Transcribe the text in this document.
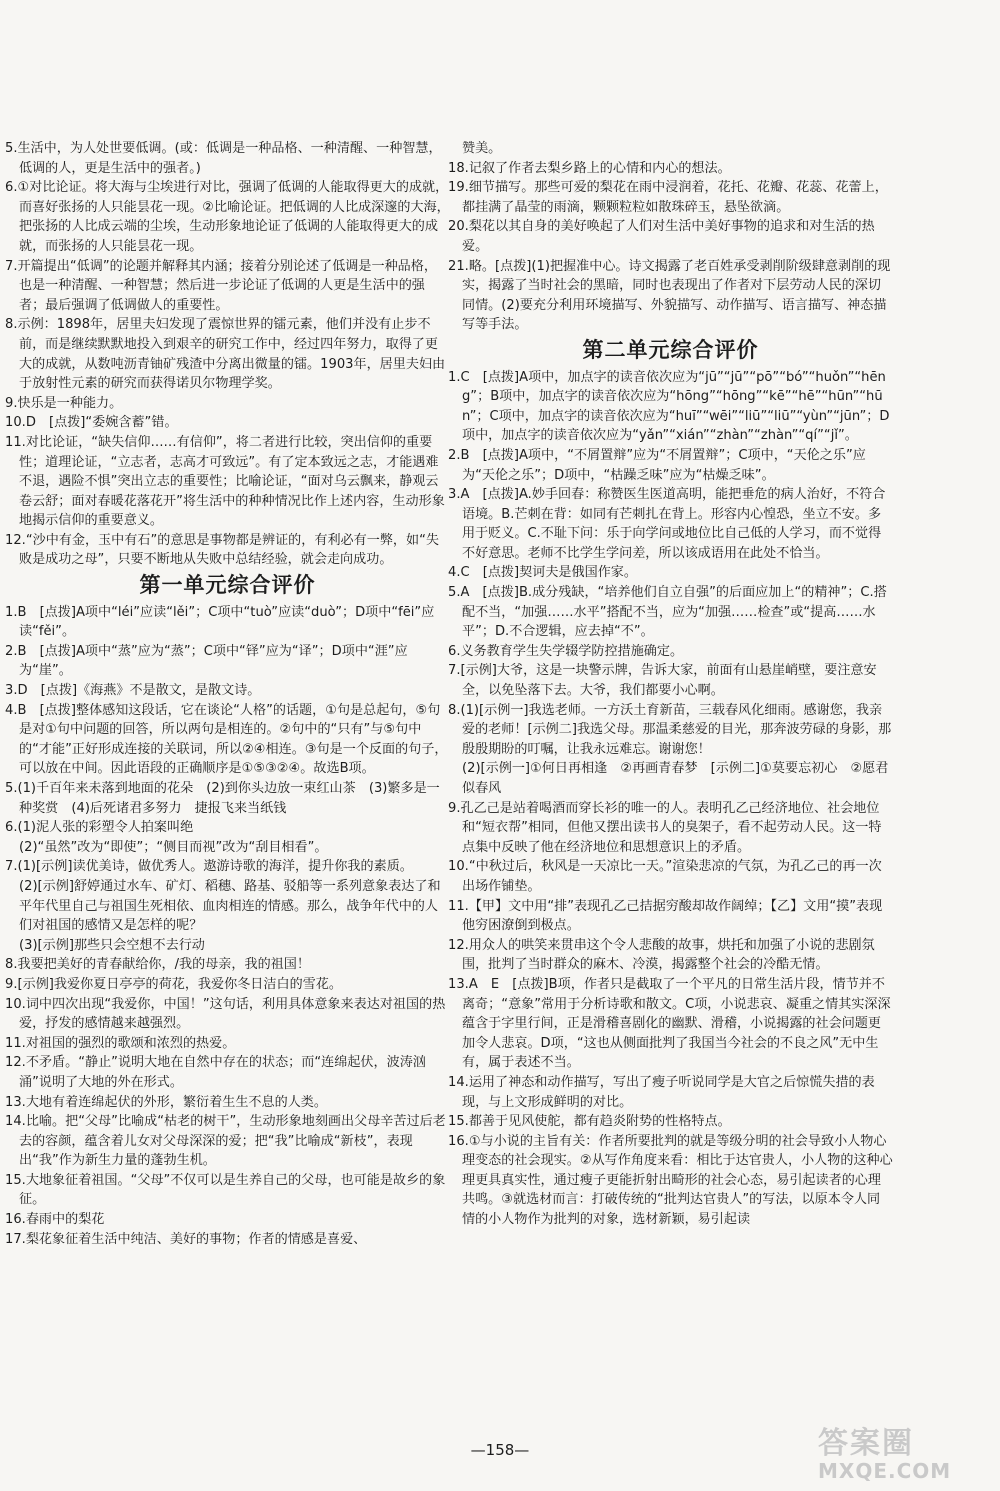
5.生活中，为人处世要低调。(或：低调是一种品格、一种清醒、一种智慧，低调的人，更是生活中的强者。)

6.①对比论证。将大海与尘埃进行对比，强调了低调的人能取得更大的成就，而喜好张扬的人只能昙花一现。②比喻论证。把低调的人比成深邃的大海，把张扬的人比成云端的尘埃，生动形象地论证了低调的人能取得更大的成就，而张扬的人只能昙花一现。

7.开篇提出“低调”的论题并解释其内涵；接着分别论述了低调是一种品格，也是一种清醒、一种智慧；然后进一步论证了低调的人更是生活中的强者；最后强调了低调做人的重要性。

8.示例：1898年，居里夫妇发现了震惊世界的镭元素，他们并没有止步不前，而是继续默默地投入到艰辛的研究工作中，经过四年努力，取得了更大的成就，从数吨沥青铀矿残渣中分离出微量的镭。1903年，居里夫妇由于放射性元素的研究而获得诺贝尔物理学奖。

9.快乐是一种能力。

10.D　[点拨]“委婉含蓄”错。

11.对比论证，“缺失信仰……有信仰”，将二者进行比较，突出信仰的重要性；道理论证，“立志者，志高才可致远”。有了定本致远之志，才能遇难不退，遇险不惧”突出立志的重要性；比喻论证，“面对乌云飘来，静观云卷云舒；面对春暖花落花开”将生活中的种种情况比作上述内容，生动形象地揭示信仰的重要意义。

12.“沙中有金，玉中有石”的意思是事物都是辨证的，有利必有一弊，如“失败是成功之母”，只要不断地从失败中总结经验，就会走向成功。

第一单元综合评价

1.B　[点拨]A项中“léi”应读“lěi”；C项中“tuò”应读“duò”；D项中“fēi”应读“fěi”。

2.B　[点拨]A项中“蒸”应为“蒸”；C项中“铎”应为“译”；D项中“涯”应为“崖”。

3.D　[点拨]《海燕》不是散文，是散文诗。

4.B　[点拨]整体感知这段话，它在谈论“人格”的话题，①句是总起句，⑤句是对①句中问题的回答，所以两句是相连的。②句中的“只有”与⑤句中的“才能”正好形成连接的关联词，所以②④相连。③句是一个反面的句子，可以放在中间。因此语段的正确顺序是①⑤③②④。故选B项。

5.(1)千百年来未落到地面的花朵　(2)到你头边放一束红山茶　(3)繁多是一种奖赏　(4)后死诸君多努力　捷报飞来当纸钱

6.(1)泥人张的彩塑令人拍案叫绝

(2)“虽然”改为“即使”；“侧目而视”改为“刮目相看”。

7.(1)[示例]读优美诗，做优秀人。遨游诗歌的海洋，提升你我的素质。

(2)[示例]舒婷通过水车、矿灯、稻穗、路基、驳船等一系列意象表达了和平年代里自己与祖国生死相依、血肉相连的情感。那么，战争年代中的人们对祖国的感情又是怎样的呢？

(3)[示例]那些只会空想不去行动

8.我要把美好的青春献给你，/我的母亲，我的祖国！

9.[示例]我爱你夏日亭亭的荷花，我爱你冬日洁白的雪花。

10.词中四次出现“我爱你，中国！”这句话，利用具体意象来表达对祖国的热爱，抒发的感情越来越强烈。

11.对祖国的强烈的歌颂和浓烈的热爱。

12.不矛盾。“静止”说明大地在自然中存在的状态；而“连绵起伏，波涛汹涌”说明了大地的外在形式。

13.大地有着连绵起伏的外形，繁衍着生生不息的人类。

14.比喻。把“父母”比喻成“枯老的树干”，生动形象地刻画出父母辛苦过后老去的容颜，蕴含着儿女对父母深深的爱；把“我”比喻成“新枝”，表现出“我”作为新生力量的蓬勃生机。

15.大地象征着祖国。“父母”不仅可以是生养自己的父母，也可能是故乡的象征。

16.春雨中的梨花

17.梨花象征着生活中纯洁、美好的事物；作者的情感是喜爱、

赞美。

18.记叙了作者去梨乡路上的心情和内心的想法。

19.细节描写。那些可爱的梨花在雨中浸润着，花托、花瓣、花蕊、花蕾上，都挂满了晶莹的雨滴，颗颗粒粒如散珠碎玉，悬坠欲滴。

20.梨花以其自身的美好唤起了人们对生活中美好事物的追求和对生活的热爱。

21.略。[点拨](1)把握准中心。诗文揭露了老百姓承受剥削阶级肆意剥削的现实，揭露了当时社会的黑暗，同时也表现出了作者对下层劳动人民的深切同情。(2)要充分利用环境描写、外貌描写、动作描写、语言描写、神态描写等手法。

第二单元综合评价

1.C　[点拨]A项中，加点字的读音依次应为“jū”“jū”“pō”“bó”“huǒn”“hēng”；B项中，加点字的读音依次应为“hōng”“hōng”“kē”“hē”“hūn”“hūn”；C项中，加点字的读音依次应为“huī”“wēi”“liū”“liū”“yùn”“jūn”；D项中，加点字的读音依次应为“yǎn”“xián”“zhàn”“zhàn”“qí”“jǐ”。

2.B　[点拨]A项中，“不屑置辩”应为“不屑置辩”；C项中，“天伦之乐”应为“天伦之乐”；D项中，“枯躁乏味”应为“枯燥乏味”。

3.A　[点拨]A.妙手回春：称赞医生医道高明，能把垂危的病人治好，不符合语境。B.芒刺在背：如同有芒刺扎在背上。形容内心惶恐，坐立不安。多用于贬义。C.不耻下问：乐于向学问或地位比自己低的人学习，而不觉得不好意思。老师不比学生学问差，所以该成语用在此处不恰当。

4.C　[点拨]契诃夫是俄国作家。

5.A　[点拨]B.成分残缺，“培养他们自立自强”的后面应加上“的精神”；C.搭配不当，“加强……水平”搭配不当，应为“加强……检查”或“提高……水平”；D.不合逻辑，应去掉“不”。

6.义务教育学生失学辍学防控措施确定。

7.[示例]大爷，这是一块警示牌，告诉大家，前面有山悬崖峭壁，要注意安全，以免坠落下去。大爷，我们都要小心啊。

8.(1)[示例一]我选老师。一方沃土育新苗，三载春风化细雨。感谢您，我亲爱的老师！[示例二]我选父母。那温柔慈爱的目光，那奔波劳碌的身影，那殷殷期盼的叮嘱，让我永远难忘。谢谢您！

(2)[示例一]①何日再相逢　②再画青春梦　[示例二]①莫要忘初心　②愿君似春风

9.孔乙己是站着喝酒而穿长衫的唯一的人。表明孔乙己经济地位、社会地位和“短衣帮”相同，但他又摆出读书人的臭架子，看不起劳动人民。这一特点集中反映了他在经济地位和思想意识上的矛盾。

10.“中秋过后，秋风是一天凉比一天。”渲染悲凉的气氛，为孔乙己的再一次出场作铺垫。

11.【甲】文中用“排”表现孔乙己拮据穷酸却故作阔绰；【乙】文用“摸”表现他穷困潦倒到极点。

12.用众人的哄笑来贯串这个令人悲酸的故事，烘托和加强了小说的悲剧氛围，批判了当时群众的麻木、冷漠，揭露整个社会的冷酷无情。

13.A　E　[点拨]B项，作者只是截取了一个平凡的日常生活片段，情节并不离奇；“意象”常用于分析诗歌和散文。C项，小说悲哀、凝重之情其实深深蕴含于字里行间，正是滑稽喜剧化的幽默、滑稽，小说揭露的社会问题更加令人悲哀。D项，“这也从侧面批判了我国当今社会的不良之风”无中生有，属于表述不当。

14.运用了神态和动作描写，写出了瘦子听说同学是大官之后惊慌失措的表现，与上文形成鲜明的对比。

15.都善于见风使舵，都有趋炎附势的性格特点。

16.①与小说的主旨有关：作者所要批判的就是等级分明的社会导致小人物心理变态的社会现实。②从写作角度来看：相比于达官贵人，小人物的这种心理更具真实性，通过瘦子更能折射出畸形的社会心态，易引起读者的心理共鸣。③就选材而言：打破传统的“批判达官贵人”的写法，以原本令人同情的小人物作为批判的对象，选材新颖，易引起读

—158—	答案圈
MXQE.COM
